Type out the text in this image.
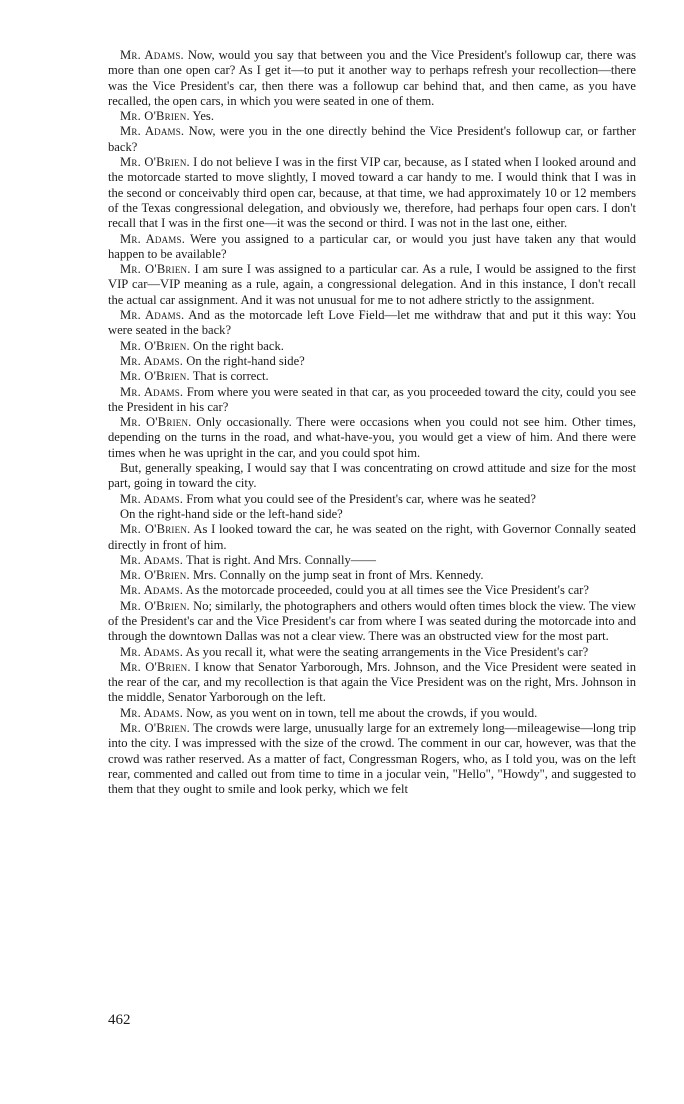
Mr. Adams. Now, would you say that between you and the Vice President's followup car, there was more than one open car? As I get it—to put it another way to perhaps refresh your recollection—there was the Vice President's car, then there was a followup car behind that, and then came, as you have recalled, the open cars, in which you were seated in one of them.

Mr. O'Brien. Yes.

Mr. Adams. Now, were you in the one directly behind the Vice President's followup car, or farther back?

Mr. O'Brien. I do not believe I was in the first VIP car, because, as I stated when I looked around and the motorcade started to move slightly, I moved toward a car handy to me. I would think that I was in the second or conceivably third open car, because, at that time, we had approximately 10 or 12 members of the Texas congressional delegation, and obviously we, therefore, had perhaps four open cars. I don't recall that I was in the first one—it was the second or third. I was not in the last one, either.

Mr. Adams. Were you assigned to a particular car, or would you just have taken any that would happen to be available?

Mr. O'Brien. I am sure I was assigned to a particular car. As a rule, I would be assigned to the first VIP car—VIP meaning as a rule, again, a congressional delegation. And in this instance, I don't recall the actual car assignment. And it was not unusual for me to not adhere strictly to the assignment.

Mr. Adams. And as the motorcade left Love Field—let me withdraw that and put it this way: You were seated in the back?

Mr. O'Brien. On the right back.

Mr. Adams. On the right-hand side?

Mr. O'Brien. That is correct.

Mr. Adams. From where you were seated in that car, as you proceeded toward the city, could you see the President in his car?

Mr. O'Brien. Only occasionally. There were occasions when you could not see him. Other times, depending on the turns in the road, and what-have-you, you would get a view of him. And there were times when he was upright in the car, and you could spot him.

But, generally speaking, I would say that I was concentrating on crowd attitude and size for the most part, going in toward the city.

Mr. Adams. From what you could see of the President's car, where was he seated?

On the right-hand side or the left-hand side?

Mr. O'Brien. As I looked toward the car, he was seated on the right, with Governor Connally seated directly in front of him.

Mr. Adams. That is right. And Mrs. Connally——

Mr. O'Brien. Mrs. Connally on the jump seat in front of Mrs. Kennedy.

Mr. Adams. As the motorcade proceeded, could you at all times see the Vice President's car?

Mr. O'Brien. No; similarly, the photographers and others would often times block the view. The view of the President's car and the Vice President's car from where I was seated during the motorcade into and through the downtown Dallas was not a clear view. There was an obstructed view for the most part.

Mr. Adams. As you recall it, what were the seating arrangements in the Vice President's car?

Mr. O'Brien. I know that Senator Yarborough, Mrs. Johnson, and the Vice President were seated in the rear of the car, and my recollection is that again the Vice President was on the right, Mrs. Johnson in the middle, Senator Yarborough on the left.

Mr. Adams. Now, as you went on in town, tell me about the crowds, if you would.

Mr. O'Brien. The crowds were large, unusually large for an extremely long—mileagewise—long trip into the city. I was impressed with the size of the crowd. The comment in our car, however, was that the crowd was rather reserved. As a matter of fact, Congressman Rogers, who, as I told you, was on the left rear, commented and called out from time to time in a jocular vein, "Hello", "Howdy", and suggested to them that they ought to smile and look perky, which we felt

462
